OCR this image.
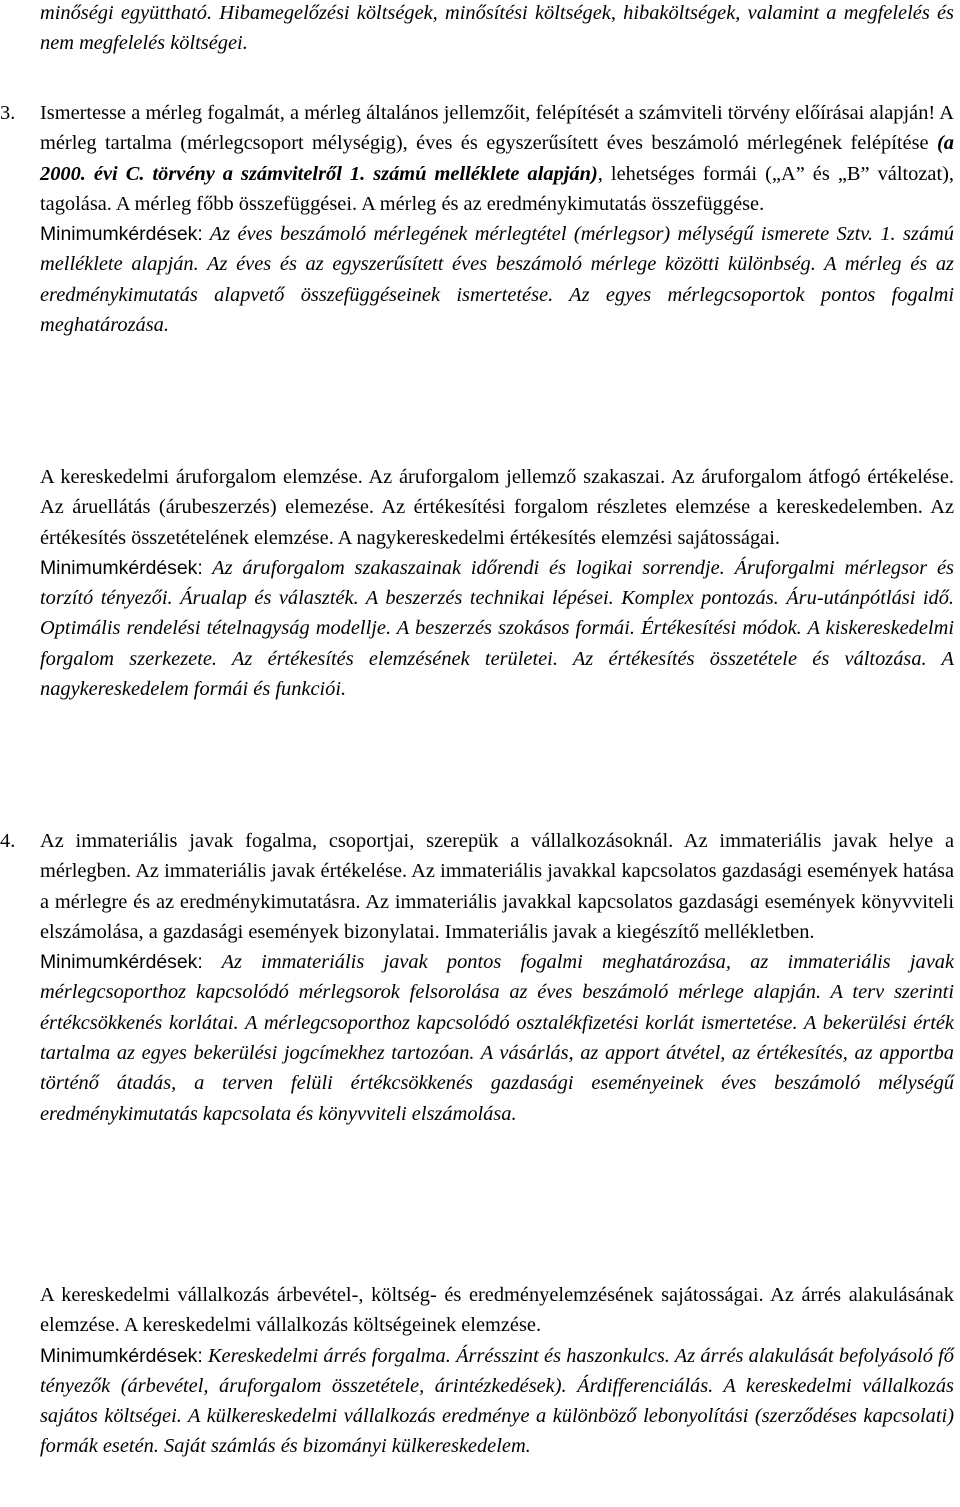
minőségi együttható. Hibamegelőzési költségek, minősítési költségek, hibaköltségek, valamint a megfelelés és nem megfelelés költségei.

3. Ismertesse a mérleg fogalmát, a mérleg általános jellemzőit, felépítését a számviteli törvény előírásai alapján! A mérleg tartalma (mérlegcsoport mélységig), éves és egyszerűsített éves beszámoló mérlegének felépítése (a 2000. évi C. törvény a számvitelről 1. számú melléklete alapján), lehetséges formái („A” és „B” változat), tagolása. A mérleg főbb összefüggései. A mérleg és az eredménykimutatás összefüggése.

Minimumkérdések: Az éves beszámoló mérlegének mérlegtétel (mérlegsor) mélységű ismerete Sztv. 1. számú melléklete alapján. Az éves és az egyszerűsített éves beszámoló mérlege közötti különbség. A mérleg és az eredménykimutatás alapvető összefüggéseinek ismertetése. Az egyes mérlegcsoportok pontos fogalmi meghatározása.

A kereskedelmi áruforgalom elemzése. Az áruforgalom jellemző szakaszai. Az áruforgalom átfogó értékelése. Az áruellátás (árubeszerzés) elemezése. Az értékesítési forgalom részletes elemzése a kereskedelemben. Az értékesítés összetételének elemzése. A nagykereskedelmi értékesítés elemzési sajátosságai.

Minimumkérdések: Az áruforgalom szakaszainak időrendi és logikai sorrendje. Áruforgalmi mérlegsor és torzító tényezői. Árualap és választék. A beszerzés technikai lépései. Komplex pontozás. Áru-utánpótlási idő. Optimális rendelési tételnagyság modellje. A beszerzés szokásos formái. Értékesítési módok. A kiskereskedelmi forgalom szerkezete. Az értékesítés elemzésének területei. Az értékesítés összetétele és változása. A nagykereskedelem formái és funkciói.

4. Az immateriális javak fogalma, csoportjai, szerepük a vállalkozásoknál. Az immateriális javak helye a mérlegben. Az immateriális javak értékelése. Az immateriális javakkal kapcsolatos gazdasági események hatása a mérlegre és az eredménykimutatásra. Az immateriális javakkal kapcsolatos gazdasági események könyvviteli elszámolása, a gazdasági események bizonylatai. Immateriális javak a kiegészítő mellékletben.

Minimumkérdések: Az immateriális javak pontos fogalmi meghatározása, az immateriális javak mérlegcsoporthoz kapcsolódó mérlegsorok felsorolása az éves beszámoló mérlege alapján. A terv szerinti értékcsökkenés korlátai. A mérlegcsoporthoz kapcsolódó osztalékfizetési korlát ismertetése. A bekerülési érték tartalma az egyes bekerülési jogcímekhez tartozóan. A vásárlás, az apport átvétel, az értékesítés, az apportba történő átadás, a terven felüli értékcsökkenés gazdasági eseményeinek éves beszámoló mélységű eredménykimutatás kapcsolata és könyvviteli elszámolása.

A kereskedelmi vállalkozás árbevétel-, költség- és eredményelemzésének sajátosságai. Az árrés alakulásának elemzése. A kereskedelmi vállalkozás költségeinek elemzése.

Minimumkérdések: Kereskedelmi árrés forgalma. Árrésszint és haszonkulcs. Az árrés alakulását befolyásoló fő tényezők (árbevétel, áruforgalom összetétele, árintézkedések). Árdifferenciálás. A kereskedelmi vállalkozás sajátos költségei. A külkereskedelmi vállalkozás eredménye a különböző lebonyolítási (szerződéses kapcsolati) formák esetén. Saját számlás és bizományi külkereskedelem.
